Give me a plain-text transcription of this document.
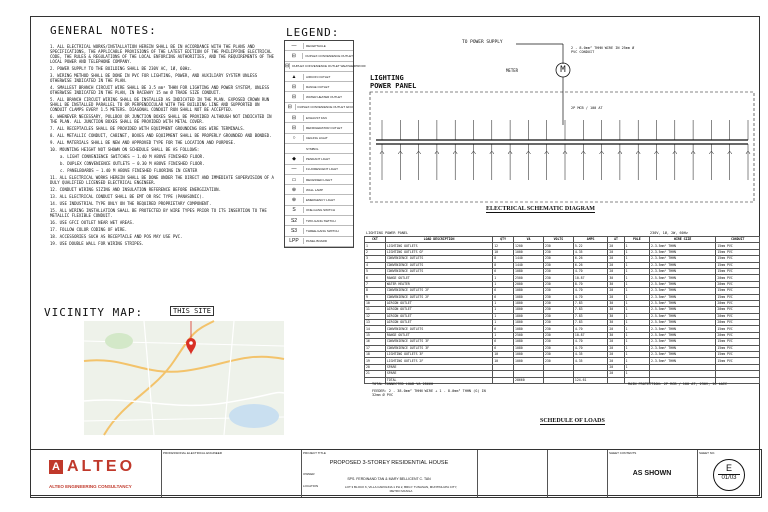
GENERAL NOTES:

1. ALL ELECTRICAL WORKS/INSTALLATION HEREIN SHALL BE IN ACCORDANCE WITH THE PLANS AND SPECIFICATIONS, THE APPLICABLE PROVISIONS OF THE LATEST EDITION OF THE PHILIPPINE ELECTRICAL CODE, THE RULES & REGULATIONS OF THE LOCAL ENFORCING AUTHORITIES, AND THE REQUIREMENTS OF THE LOCAL POWER AND TELEPHONE COMPANY.

2. POWER SUPPLY TO THE BUILDING SHALL BE 230V AC, 1Ø, 60Hz.

3. WIRING METHOD SHALL BE DONE IN PVC FOR LIGHTING, POWER, AND AUXILIARY SYSTEM UNLESS OTHERWISE INDICATED IN THE PLAN.

4. SMALLEST BRANCH CIRCUIT WIRE SHALL BE 3.5 mm² THHN FOR LIGHTING AND POWER SYSTEM, UNLESS OTHERWISE INDICATED IN THE PLAN, IN RACEWAY 15 mm Ø TRADE SIZE CONDUIT.

5. ALL BRANCH CIRCUIT WIRING SHALL BE INSTALLED AS INDICATED IN THE PLAN. EXPOSED CROWN RUN SHALL BE INSTALLED PARALLEL TO OR PERPENDICULAR WITH THE BUILDING LINE AND SUPPORTED ON CONDUIT CLAMPS EVERY 1.5 METERS. DIAGONAL CONDUIT RUN SHALL NOT BE ACCEPTED.

6. WHENEVER NECESSARY, PULLBOX OR JUNCTION BOXES SHALL BE PROVIDED ALTHOUGH NOT INDICATED IN THE PLAN. ALL JUNCTION BOXES SHALL BE PROVIDED WITH METAL COVER.

7. ALL RECEPTACLES SHALL BE PROVIDED WITH EQUIPMENT GROUNDING BUS WIRE TERMINALS.

8. ALL METALLIC CONDUIT, CABINET, BOXES AND EQUIPMENT SHALL BE PROPERLY GROUNDED AND BONDED.

9. ALL MATERIALS SHALL BE NEW AND APPROVED TYPE FOR THE LOCATION AND PURPOSE.

10. MOUNTING HEIGHT NOT SHOWN ON SCHEDULE SHALL BE AS FOLLOWS:

a. LIGHT CONVENIENCE SWITCHES — 1.40 M ABOVE FINISHED FLOOR.

b. DUPLEX CONVENIENCE OUTLETS — 0.30 M ABOVE FINISHED FLOOR.

c. PANELBOARDS — 1.40 M ABOVE FINISHED FLOORING IN CENTER

11. ALL ELECTRICAL WORKS HEREIN SHALL BE DONE UNDER THE DIRECT AND IMMEDIATE SUPERVISION OF A DULY QUALIFIED LICENSED ELECTRICAL ENGINEER.

12. CONDUIT WIRING SIZING AND INSULATION REFERENCE BEFORE ENERGIZATION.

13. ALL ELECTRICAL CONDUIT SHALL BE EMT OR RSC TYPE (PANASONIC).

14. USE INDUSTRIAL TYPE ONLY ON THE REQUIRED PROPRIETARY COMPONENT.

15. ALL WIRING INSTALLATION SHALL BE PROTECTED BY WIRE TYPES PRIOR TO ITS INSERTION TO THE METALLIC FLEXIBLE CONDUIT.

16. USE GFCI OUTLET NEAR WET AREAS.

17. FOLLOW COLOR CODING OF WIRE.

18. ACCESSORIES SUCH AS RECEPTACLE AND POS MAY USE PVC.

19. USE DOUBLE WALL FOR WIRING STRIPES.

LEGEND:
—	RECEPTACLE
⊟	DUPLEX CONVENIENCE OUTLET
⊟	DUPLEX CONVENIENCE OUTLET WEATHERPROOF
▲	AIRCON OUTLET
⊟	RANGE OUTLET
⊟	WATER HEATER OUTLET
⊟	DUPLEX CONVENIENCE OUTLET GFCI
⊟	EXHAUST FAN
⊟	REFRIGERATOR OUTLET
○	CEILING LIGHT
SYMBOL
◆	PENDANT LIGHT
—	FLUORESCENT LIGHT
▭	RECESSED LIGHT
⊕	WALL LAMP
⊕	EMERGENCY LIGHT
S	ONE-GANG SWITCH
S2	TWO-GANG SWITCH
S3	THREE-GANG SWITCH
LPP	PANEL BOARD
VICINITY MAP:	THIS SITE
TO POWER SUPPLY
METER
2 - 8.0mm² THHN WIRE IN 25mm Ø PVC CONDUIT
LIGHTING
POWER PANEL
2P MCB / 100 AT
M
ELECTRICAL SCHEMATIC DIAGRAM
LIGHTING POWER PANEL	230V, 1Ø, 2W, 60Hz
CKT	LOAD DESCRIPTION	QTY	VA	VOLTS	AMPS	AT	POLE	WIRE SIZE	CONDUIT
1	LIGHTING OUTLETS	12	1200	230	5.22	20	1	2-3.5mm² THHN	15mm PVC
2	LIGHTING OUTLETS GF	10	1000	230	4.35	20	1	2-3.5mm² THHN	15mm PVC
3	CONVENIENCE OUTLETS	8	1440	230	6.26	20	1	2-3.5mm² THHN	15mm PVC
4	CONVENIENCE OUTLETS	8	1440	230	6.26	20	1	2-3.5mm² THHN	15mm PVC
5	CONVENIENCE OUTLETS	6	1080	230	4.70	20	1	2-3.5mm² THHN	15mm PVC
6	RANGE OUTLET	1	2500	230	10.87	30	1	2-5.5mm² THHN	20mm PVC
7	WATER HEATER	1	2000	230	8.70	30	1	2-5.5mm² THHN	20mm PVC
8	CONVENIENCE OUTLETS 2F	6	1080	230	4.70	20	1	2-3.5mm² THHN	15mm PVC
9	CONVENIENCE OUTLETS 2F	6	1080	230	4.70	20	1	2-3.5mm² THHN	15mm PVC
10	AIRCON OUTLET	1	1800	230	7.83	30	1	2-5.5mm² THHN	20mm PVC
11	AIRCON OUTLET	1	1800	230	7.83	30	1	2-5.5mm² THHN	20mm PVC
12	AIRCON OUTLET	1	1800	230	7.83	30	1	2-5.5mm² THHN	20mm PVC
13	AIRCON OUTLET	1	1800	230	7.83	30	1	2-5.5mm² THHN	20mm PVC
14	CONVENIENCE OUTLETS	6	1080	230	4.70	20	1	2-3.5mm² THHN	15mm PVC
15	RANGE OUTLET	1	2500	230	10.87	30	1	2-5.5mm² THHN	20mm PVC
16	CONVENIENCE OUTLETS 3F	6	1080	230	4.70	20	1	2-3.5mm² THHN	15mm PVC
17	CONVENIENCE OUTLETS 3F	6	1080	230	4.70	20	1	2-3.5mm² THHN	15mm PVC
18	LIGHTING OUTLETS 3F	10	1000	230	4.35	20	1	2-3.5mm² THHN	15mm PVC
19	LIGHTING OUTLETS 2F	10	1000	230	4.35	20	1	2-3.5mm² THHN	15mm PVC
20	SPARE					20	1		
21	SPARE					20	1		
	TOTAL		28660		124.61				
TOTAL CONNECTED LOAD VA 28660
FEEDER: 2 - 38.0mm² THHN WIRE + 1 - 8.0mm² THHN (G) IN 32mm Ø PVC
MAIN PROTECTION: 2P MCB / 100 AT, 230V, 10 kAIC
SCHEDULE OF LOADS
A ALTEO
ALTEO ENGINEERING CONSULTANCY
PROFESSIONAL ELECTRICAL ENGINEER	PROJECT TITLE
PROPOSED 3-STOREY RESIDENTIAL HOUSE
OWNER
SPS. FERDINAND TAN & MARY BELLICENT C. TAN
LOCATION	LOT 3 BLOCK 6, VILLA CAROLINA 1 PH 2, BRGY. TUNASAN, MUNTINLUPA CITY, METRO MANILA
SHEET CONTENTS
AS SHOWN
SHEET NO.
E
01/03
